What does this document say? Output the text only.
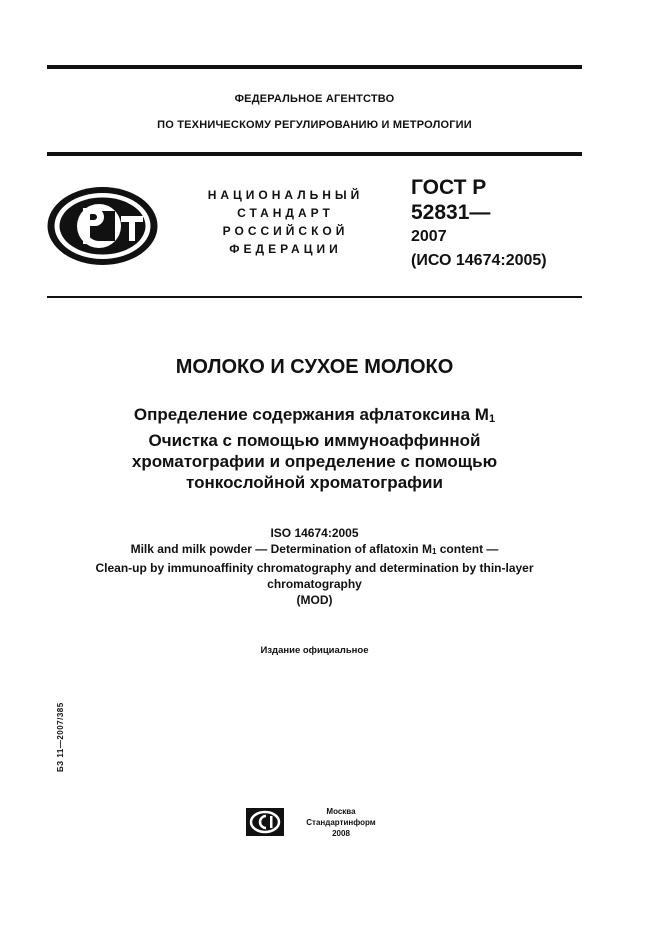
ФЕДЕРАЛЬНОЕ АГЕНТСТВО
ПО ТЕХНИЧЕСКОМУ РЕГУЛИРОВАНИЮ И МЕТРОЛОГИИ
НАЦИОНАЛЬНЫЙ
СТАНДАРТ
РОССИЙСКОЙ
ФЕДЕРАЦИИ
ГОСТ Р
52831—
2007
(ИСО 14674:2005)
МОЛОКО И СУХОЕ МОЛОКО
Определение содержания афлатоксина $М_1$
Очистка с помощью иммуноаффинной
хроматографии и определение с помощью
тонкослойной хроматографии
ISO 14674:2005
Milk and milk powder — Determination of aflatoxin $M_1$ content —
Clean-up by immunoaffinity chromatography and determination by thin-layer
chromatography
(MOD)
Издание официальное
БЗ 11—2007/385
Москва
Стандартинформ
2008
